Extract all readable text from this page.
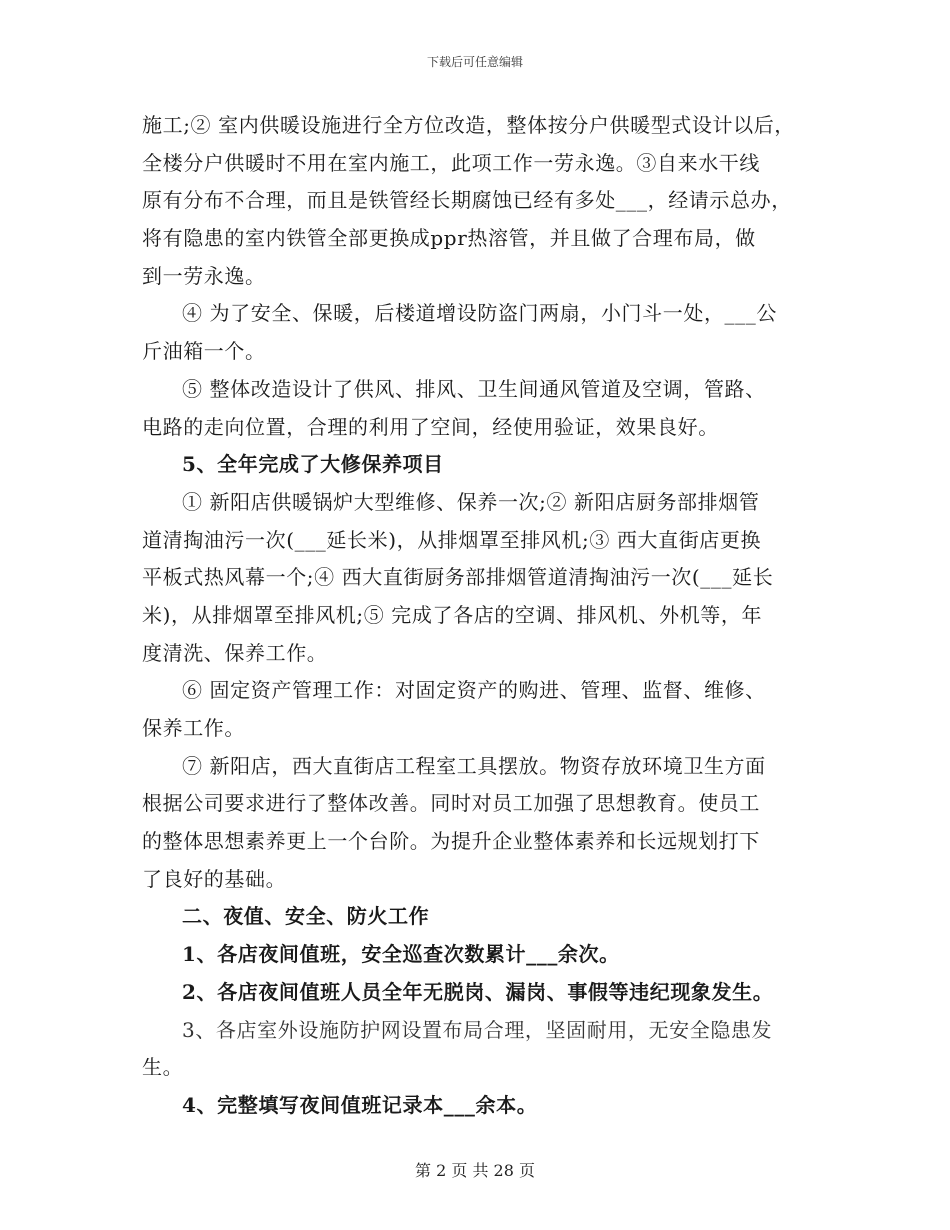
下载后可任意编辑
施工;② 室内供暖设施进行全方位改造，整体按分户供暖型式设计以后，
全楼分户供暖时不用在室内施工，此项工作一劳永逸。③自来水干线
原有分布不合理，而且是铁管经长期腐蚀已经有多处___，经请示总办，
将有隐患的室内铁管全部更换成ppr热溶管，并且做了合理布局，做
到一劳永逸。
④ 为了安全、保暖，后楼道增设防盗门两扇，小门斗一处，___公
斤油箱一个。
⑤ 整体改造设计了供风、排风、卫生间通风管道及空调，管路、
电路的走向位置，合理的利用了空间，经使用验证，效果良好。
5、全年完成了大修保养项目
① 新阳店供暖锅炉大型维修、保养一次;② 新阳店厨务部排烟管
道清掏油污一次(___延长米)，从排烟罩至排风机;③ 西大直街店更换
平板式热风幕一个;④ 西大直街厨务部排烟管道清掏油污一次(___延长
米)，从排烟罩至排风机;⑤ 完成了各店的空调、排风机、外机等，年
度清洗、保养工作。
⑥ 固定资产管理工作：对固定资产的购进、管理、监督、维修、
保养工作。
⑦ 新阳店，西大直街店工程室工具摆放。物资存放环境卫生方面
根据公司要求进行了整体改善。同时对员工加强了思想教育。使员工
的整体思想素养更上一个台阶。为提升企业整体素养和长远规划打下
了良好的基础。
二、夜值、安全、防火工作
1、各店夜间值班，安全巡查次数累计___余次。
2、各店夜间值班人员全年无脱岗、漏岗、事假等违纪现象发生。
3、各店室外设施防护网设置布局合理，坚固耐用，无安全隐患发
生。
4、完整填写夜间值班记录本___余本。
第 2 页 共 28 页
